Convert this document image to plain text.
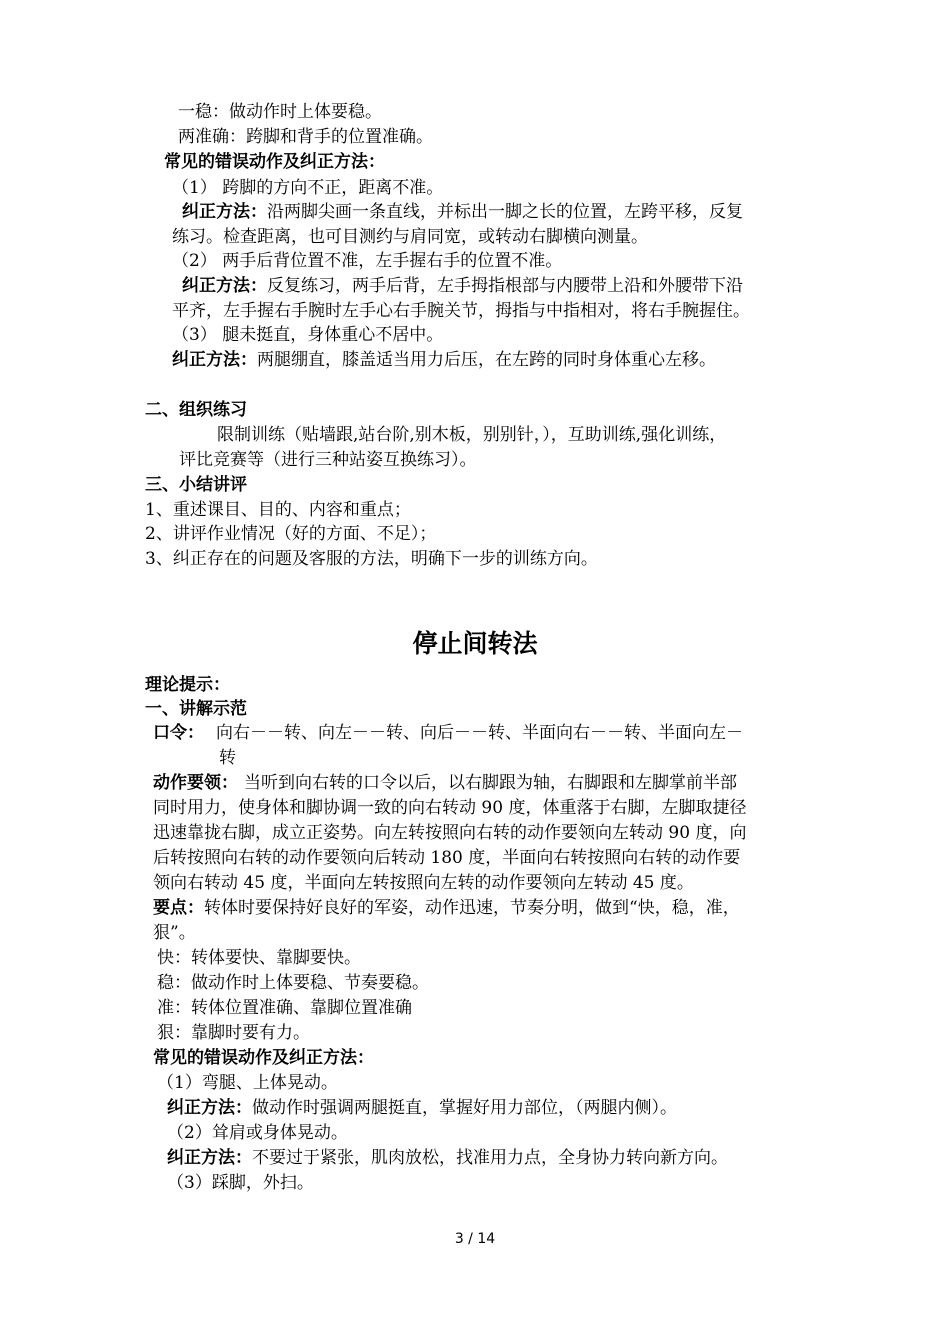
一稳：做动作时上体要稳。
两准确：跨脚和背手的位置准确。
常见的错误动作及纠正方法：
（1） 跨脚的方向不正，距离不准。
纠正方法：沿两脚尖画一条直线，并标出一脚之长的位置，左跨平移，反复
练习。检查距离，也可目测约与肩同宽，或转动右脚横向测量。
（2） 两手后背位置不准，左手握右手的位置不准。
纠正方法：反复练习，两手后背，左手拇指根部与内腰带上沿和外腰带下沿
平齐，左手握右手腕时左手心右手腕关节，拇指与中指相对，将右手腕握住。
（3） 腿未挺直，身体重心不居中。
纠正方法：两腿绷直，膝盖适当用力后压，在左跨的同时身体重心左移。
二、组织练习
限制训练（贴墙跟,站台阶,别木板，别别针，），互助训练,强化训练，
评比竞赛等（进行三种站姿互换练习）。
三、小结讲评
1、重述课目、目的、内容和重点；
2、讲评作业情况（好的方面、不足）；
3、纠正存在的问题及客服的方法，明确下一步的训练方向。
停止间转法
理论提示：
一、讲解示范
口令： 向右－－转、向左－－转、向后－－转、半面向右－－转、半面向左－
转
动作要领： 当听到向右转的口令以后，以右脚跟为轴，右脚跟和左脚掌前半部
同时用力，使身体和脚协调一致的向右转动 90 度，体重落于右脚，左脚取捷径
迅速靠拢右脚，成立正姿势。向左转按照向右转的动作要领向左转动 90 度，向
后转按照向右转的动作要领向后转动 180 度，半面向右转按照向右转的动作要
领向右转动 45 度，半面向左转按照向左转的动作要领向左转动 45 度。
要点：转体时要保持好良好的军姿，动作迅速，节奏分明，做到“快，稳，准，
狠”。
快：转体要快、靠脚要快。
稳：做动作时上体要稳、节奏要稳。
准：转体位置准确、靠脚位置准确
狠：靠脚时要有力。
常见的错误动作及纠正方法：
（1）弯腿、上体晃动。
纠正方法：做动作时强调两腿挺直，掌握好用力部位，（两腿内侧）。
（2）耸肩或身体晃动。
纠正方法：不要过于紧张，肌肉放松，找准用力点，全身协力转向新方向。
（3）踩脚，外扫。
3 / 14
